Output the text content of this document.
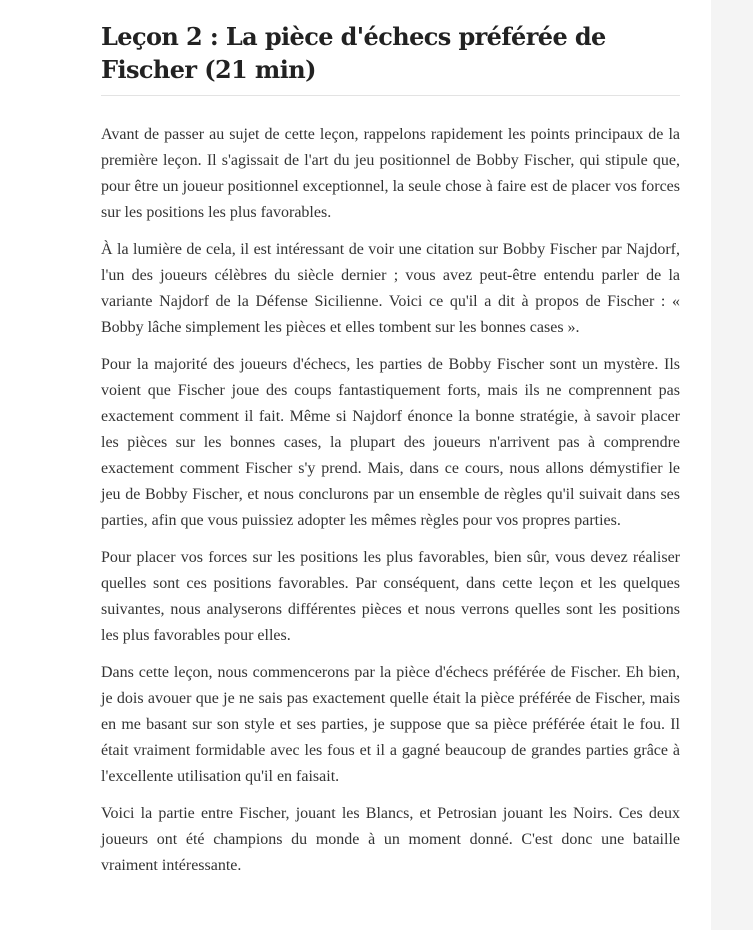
Leçon 2 : La pièce d'échecs préférée de Fischer (21 min)

Avant de passer au sujet de cette leçon, rappelons rapidement les points principaux de la première leçon. Il s'agissait de l'art du jeu positionnel de Bobby Fischer, qui stipule que, pour être un joueur positionnel exceptionnel, la seule chose à faire est de placer vos forces sur les positions les plus favorables.

À la lumière de cela, il est intéressant de voir une citation sur Bobby Fischer par Najdorf, l'un des joueurs célèbres du siècle dernier ; vous avez peut-être entendu parler de la variante Najdorf de la Défense Sicilienne. Voici ce qu'il a dit à propos de Fischer : « Bobby lâche simplement les pièces et elles tombent sur les bonnes cases ».

Pour la majorité des joueurs d'échecs, les parties de Bobby Fischer sont un mystère. Ils voient que Fischer joue des coups fantastiquement forts, mais ils ne comprennent pas exactement comment il fait. Même si Najdorf énonce la bonne stratégie, à savoir placer les pièces sur les bonnes cases, la plupart des joueurs n'arrivent pas à comprendre exactement comment Fischer s'y prend. Mais, dans ce cours, nous allons démystifier le jeu de Bobby Fischer, et nous conclurons par un ensemble de règles qu'il suivait dans ses parties, afin que vous puissiez adopter les mêmes règles pour vos propres parties.

Pour placer vos forces sur les positions les plus favorables, bien sûr, vous devez réaliser quelles sont ces positions favorables. Par conséquent, dans cette leçon et les quelques suivantes, nous analyserons différentes pièces et nous verrons quelles sont les positions les plus favorables pour elles.

Dans cette leçon, nous commencerons par la pièce d'échecs préférée de Fischer. Eh bien, je dois avouer que je ne sais pas exactement quelle était la pièce préférée de Fischer, mais en me basant sur son style et ses parties, je suppose que sa pièce préférée était le fou. Il était vraiment formidable avec les fous et il a gagné beaucoup de grandes parties grâce à l'excellente utilisation qu'il en faisait.

Voici la partie entre Fischer, jouant les Blancs, et Petrosian jouant les Noirs. Ces deux joueurs ont été champions du monde à un moment donné. C'est donc une bataille vraiment intéressante.
